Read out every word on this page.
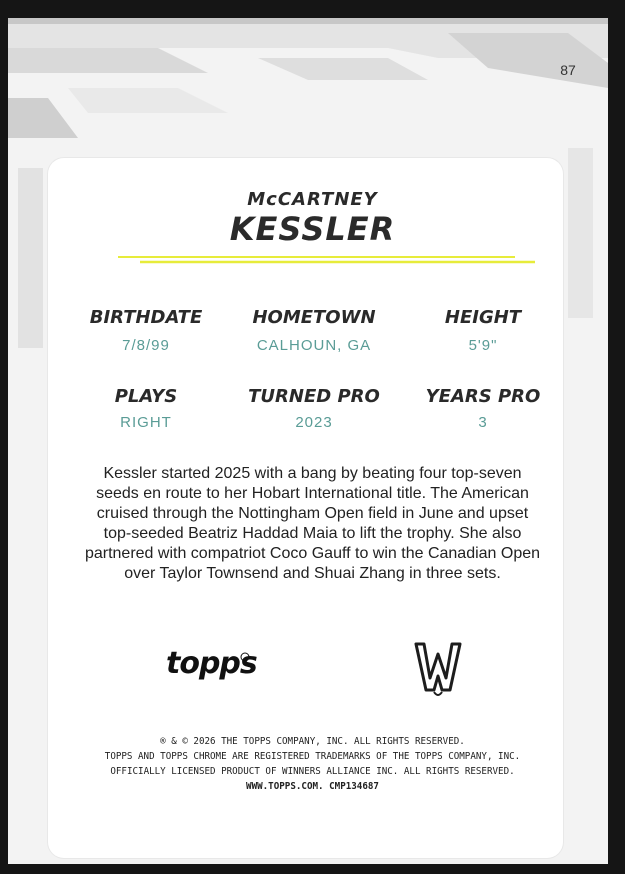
87
McCARTNEY
KESSLER
BIRTHDATE
7/8/99
HOMETOWN
CALHOUN, GA
HEIGHT
5'9"
PLAYS
RIGHT
TURNED PRO
2023
YEARS PRO
3
Kessler started 2025 with a bang by beating four top-seven
seeds en route to her Hobart International title. The American
cruised through the Nottingham Open field in June and upset
top-seeded Beatriz Haddad Maia to lift the trophy. She also
partnered with compatriot Coco Gauff to win the Canadian Open
over Taylor Townsend and Shuai Zhang in three sets.
topps
® & © 2026 THE TOPPS COMPANY, INC. ALL RIGHTS RESERVED.
TOPPS AND TOPPS CHROME ARE REGISTERED TRADEMARKS OF THE TOPPS COMPANY, INC.
OFFICIALLY LICENSED PRODUCT OF WINNERS ALLIANCE INC. ALL RIGHTS RESERVED.
WWW.TOPPS.COM. CMP134687
